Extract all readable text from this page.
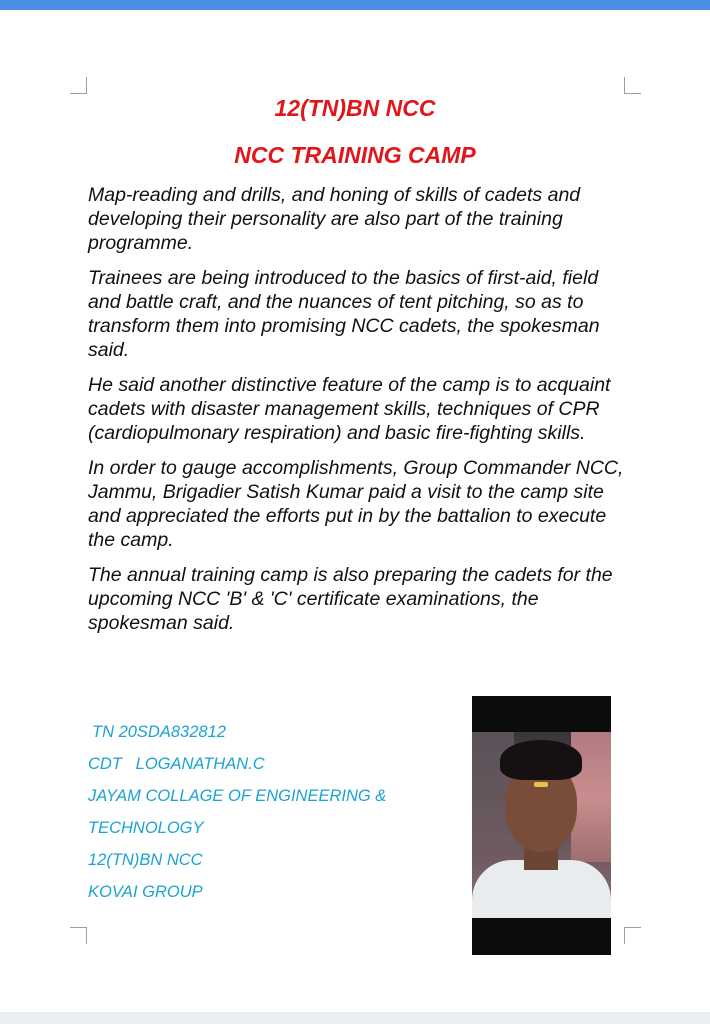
12(TN)BN NCC
NCC TRAINING CAMP

Map-reading and drills, and honing of skills of cadets and developing their personality are also part of the training programme.

Trainees are being introduced to the basics of first-aid, field and battle craft, and the nuances of tent pitching, so as to transform them into promising NCC cadets, the spokesman said.

He said another distinctive feature of the camp is to acquaint cadets with disaster management skills, techniques of CPR (cardiopulmonary respiration) and basic fire-fighting skills.

In order to gauge accomplishments, Group Commander NCC, Jammu, Brigadier Satish Kumar paid a visit to the camp site and appreciated the efforts put in by the battalion to execute the camp.

The annual training camp is also preparing the cadets for the upcoming NCC 'B' & 'C' certificate examinations, the spokesman said.

TN 20SDA832812
CDT   LOGANATHAN.C
JAYAM COLLAGE OF ENGINEERING &
TECHNOLOGY
12(TN)BN NCC
KOVAI GROUP
